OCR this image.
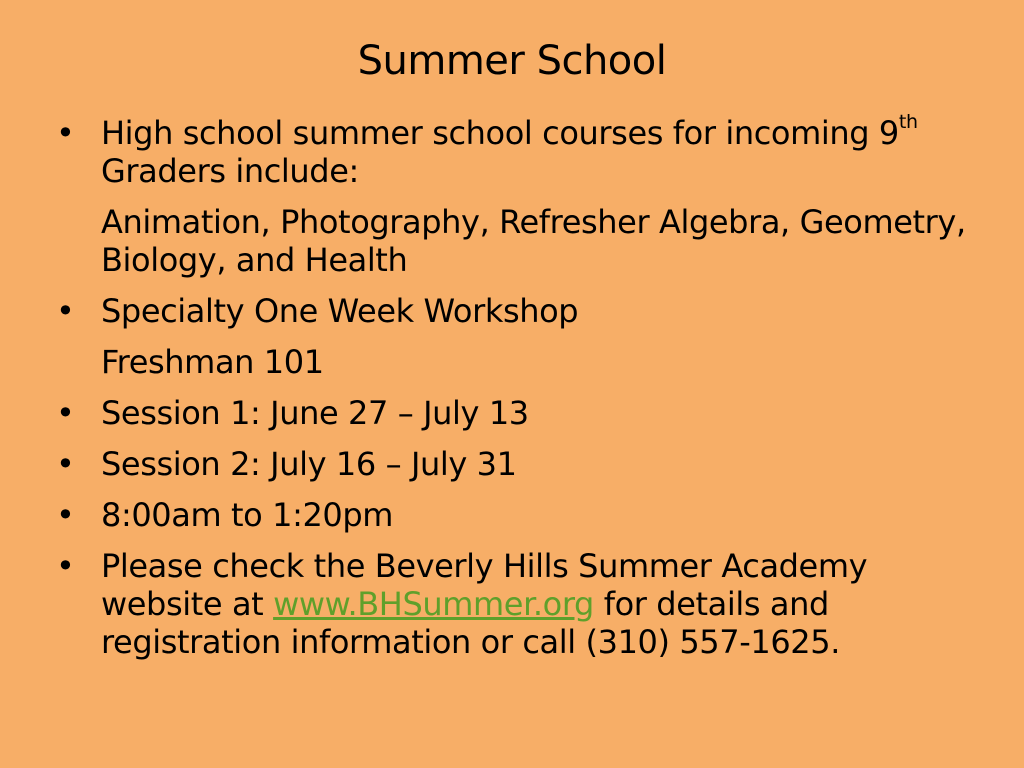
Summer School
• High school summer school courses for incoming 9th Graders include:
Animation, Photography, Refresher Algebra, Geometry, Biology, and Health
• Specialty One Week Workshop
Freshman 101
• Session 1: June 27 – July 13
• Session 2: July 16 – July 31
• 8:00am to 1:20pm
• Please check the Beverly Hills Summer Academy website at www.BHSummer.org for details and registration information or call (310) 557-1625.
